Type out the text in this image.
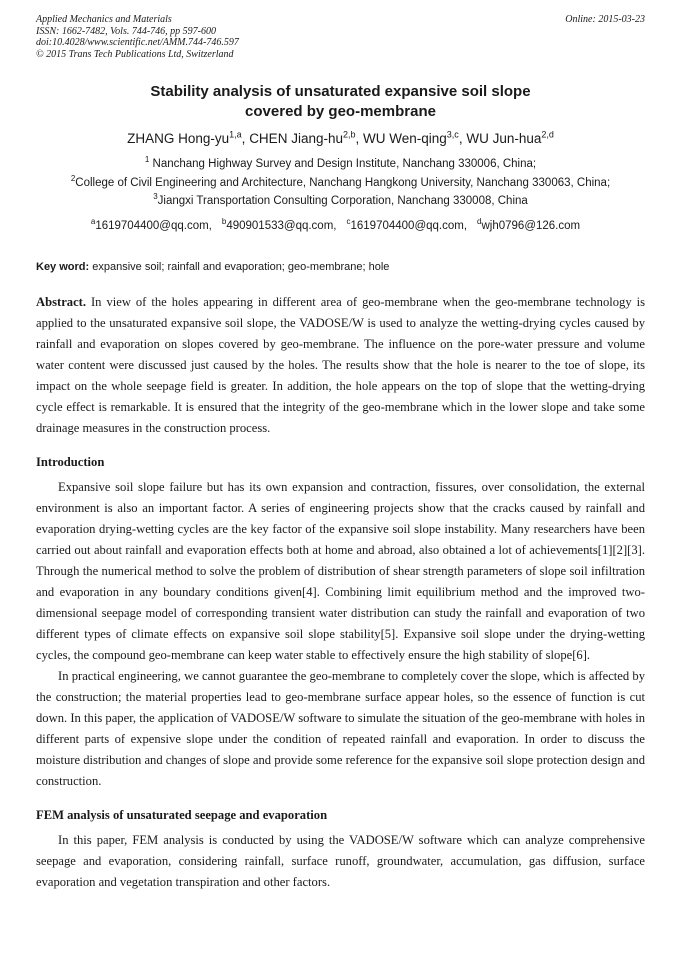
Applied Mechanics and Materials
ISSN: 1662-7482, Vols. 744-746, pp 597-600
doi:10.4028/www.scientific.net/AMM.744-746.597
© 2015 Trans Tech Publications Ltd, Switzerland
Online: 2015-03-23
Stability analysis of unsaturated expansive soil slope
covered by geo-membrane
ZHANG Hong-yu$^{1,a}$, CHEN Jiang-hu$^{2,b}$, WU Wen-qing$^{3,c}$, WU Jun-hua$^{2,d}$
$^1$ Nanchang Highway Survey and Design Institute, Nanchang 330006, China;
$^2$College of Civil Engineering and Architecture, Nanchang Hangkong University, Nanchang 330063, China;
$^3$Jiangxi Transportation Consulting Corporation, Nanchang 330008, China
$^a$1619704400@qq.com, $^b$490901533@qq.com, $^c$1619704400@qq.com, $^d$wjh0796@126.com
Key word: expansive soil; rainfall and evaporation; geo-membrane; hole
Abstract. In view of the holes appearing in different area of geo-membrane when the geo-membrane technology is applied to the unsaturated expansive soil slope, the VADOSE/W is used to analyze the wetting-drying cycles caused by rainfall and evaporation on slopes covered by geo-membrane. The influence on the pore-water pressure and volume water content were discussed just caused by the holes. The results show that the hole is nearer to the toe of slope, its impact on the whole seepage field is greater. In addition, the hole appears on the top of slope that the wetting-drying cycle effect is remarkable. It is ensured that the integrity of the geo-membrane which in the lower slope and take some drainage measures in the construction process.
Introduction

Expansive soil slope failure but has its own expansion and contraction, fissures, over consolidation, the external environment is also an important factor. A series of engineering projects show that the cracks caused by rainfall and evaporation drying-wetting cycles are the key factor of the expansive soil slope instability. Many researchers have been carried out about rainfall and evaporation effects both at home and abroad, also obtained a lot of achievements[1][2][3]. Through the numerical method to solve the problem of distribution of shear strength parameters of slope soil infiltration and evaporation in any boundary conditions given[4]. Combining limit equilibrium method and the improved two-dimensional seepage model of corresponding transient water distribution can study the rainfall and evaporation of two different types of climate effects on expansive soil slope stability[5]. Expansive soil slope under the drying-wetting cycles, the compound geo-membrane can keep water stable to effectively ensure the high stability of slope[6].

In practical engineering, we cannot guarantee the geo-membrane to completely cover the slope, which is affected by the construction; the material properties lead to geo-membrane surface appear holes, so the essence of function is cut down. In this paper, the application of VADOSE/W software to simulate the situation of the geo-membrane with holes in different parts of expensive slope under the condition of repeated rainfall and evaporation. In order to discuss the moisture distribution and changes of slope and provide some reference for the expansive soil slope protection design and construction.

FEM analysis of unsaturated seepage and evaporation

In this paper, FEM analysis is conducted by using the VADOSE/W software which can analyze comprehensive seepage and evaporation, considering rainfall, surface runoff, groundwater, accumulation, gas diffusion, surface evaporation and vegetation transpiration and other factors.
